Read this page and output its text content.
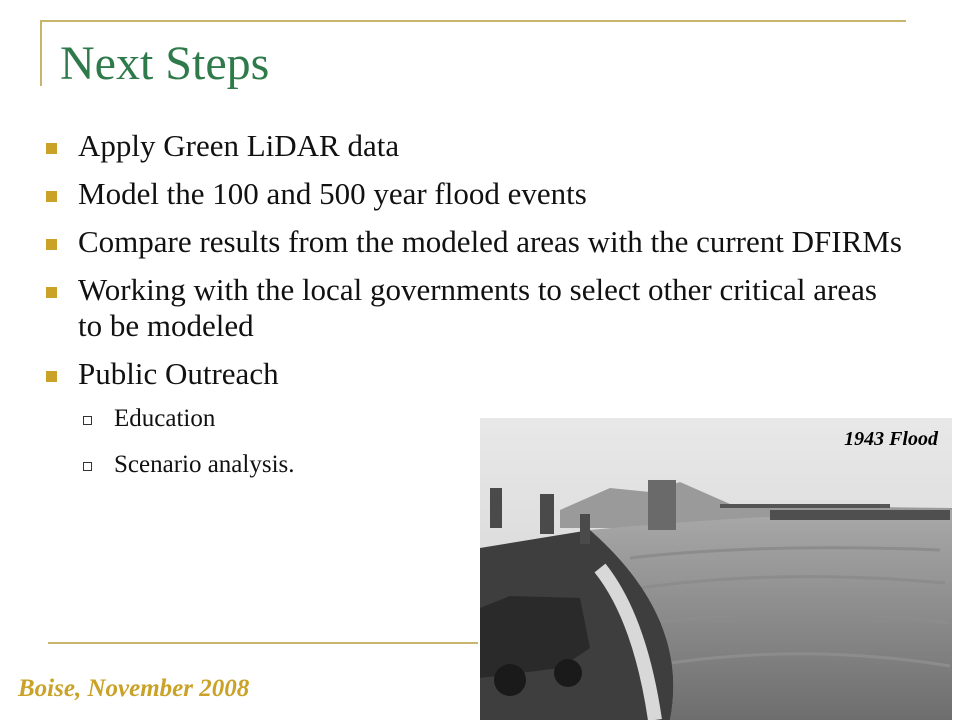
Next Steps
Apply Green LiDAR data
Model the 100 and 500 year flood events
Compare results from the modeled areas with the current DFIRMs
Working with the local governments to select other critical areas to be modeled
Public Outreach
Education
Scenario analysis.
1943 Flood
Boise, November 2008
